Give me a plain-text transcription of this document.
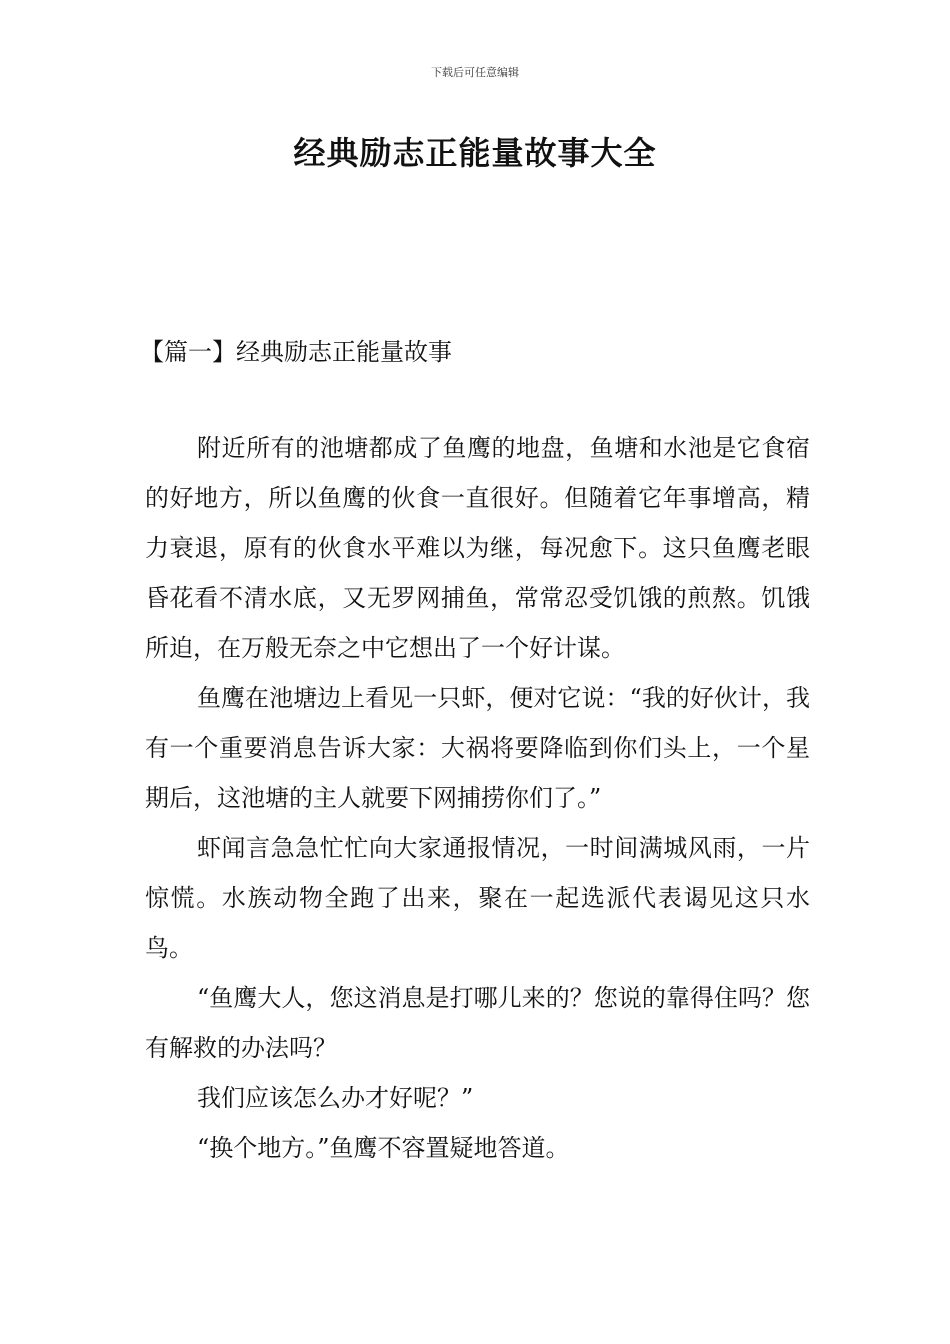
下载后可任意编辑
经典励志正能量故事大全
【篇一】经典励志正能量故事

附近所有的池塘都成了鱼鹰的地盘，鱼塘和水池是它食宿的好地方，所以鱼鹰的伙食一直很好。但随着它年事增高，精力衰退，原有的伙食水平难以为继，每况愈下。这只鱼鹰老眼昏花看不清水底，又无罗网捕鱼，常常忍受饥饿的煎熬。饥饿所迫，在万般无奈之中它想出了一个好计谋。

鱼鹰在池塘边上看见一只虾，便对它说：“我的好伙计，我有一个重要消息告诉大家：大祸将要降临到你们头上，一个星期后，这池塘的主人就要下网捕捞你们了。”

虾闻言急急忙忙向大家通报情况，一时间满城风雨，一片惊慌。水族动物全跑了出来，聚在一起选派代表谒见这只水鸟。

“鱼鹰大人，您这消息是打哪儿来的？您说的靠得住吗？您有解救的办法吗？

我们应该怎么办才好呢？”

“换个地方。”鱼鹰不容置疑地答道。
